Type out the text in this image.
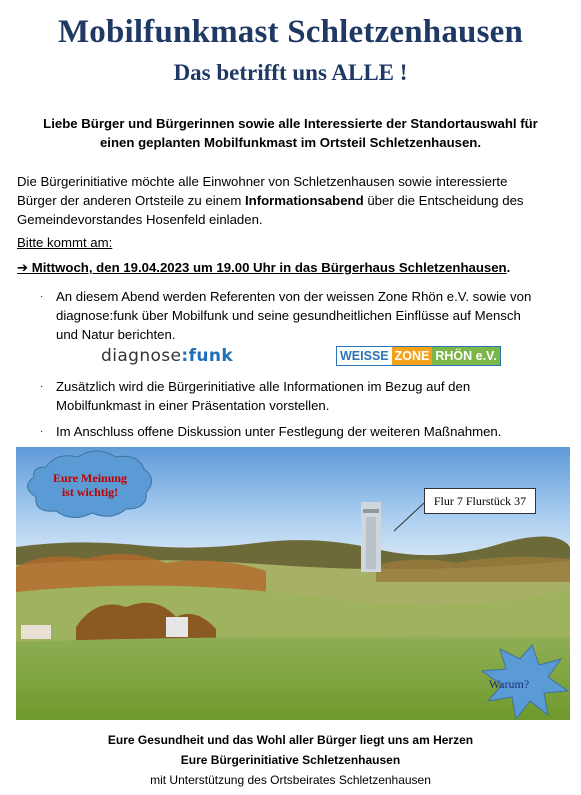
Mobilfunkmast Schletzenhausen
Das betrifft uns ALLE !
Liebe Bürger und Bürgerinnen sowie alle Interessierte der Standortauswahl für
einen geplanten Mobilfunkmast im Ortsteil Schletzenhausen.
Die Bürgerinitiative möchte alle Einwohner von Schletzenhausen sowie interessierte
Bürger der anderen Ortsteile zu einem Informationsabend über die Entscheidung des
Gemeindevorstandes Hosenfeld einladen.
Bitte kommt am:
➔ Mittwoch, den 19.04.2023 um 19.00 Uhr in das Bürgerhaus Schletzenhausen.
· An diesem Abend werden Referenten von der weissen Zone Rhön e.V. sowie von
diagnose:funk über Mobilfunk und seine gesundheitlichen Einflüsse auf Mensch
und Natur berichten.
diagnose:funk	WEISSE ZONE RHÖN e.V.
· Zusätzlich wird die Bürgerinitiative alle Informationen im Bezug auf den
Mobilfunkmast in einer Präsentation vorstellen.
· Im Anschluss offene Diskussion unter Festlegung der weiteren Maßnahmen.
Eure Meinung
ist wichtig!
Flur 7 Flurstück 37
Warum?
Eure Gesundheit und das Wohl aller Bürger liegt uns am Herzen
Eure Bürgerinitiative Schletzenhausen
mit Unterstützung des Ortsbeirates Schletzenhausen
